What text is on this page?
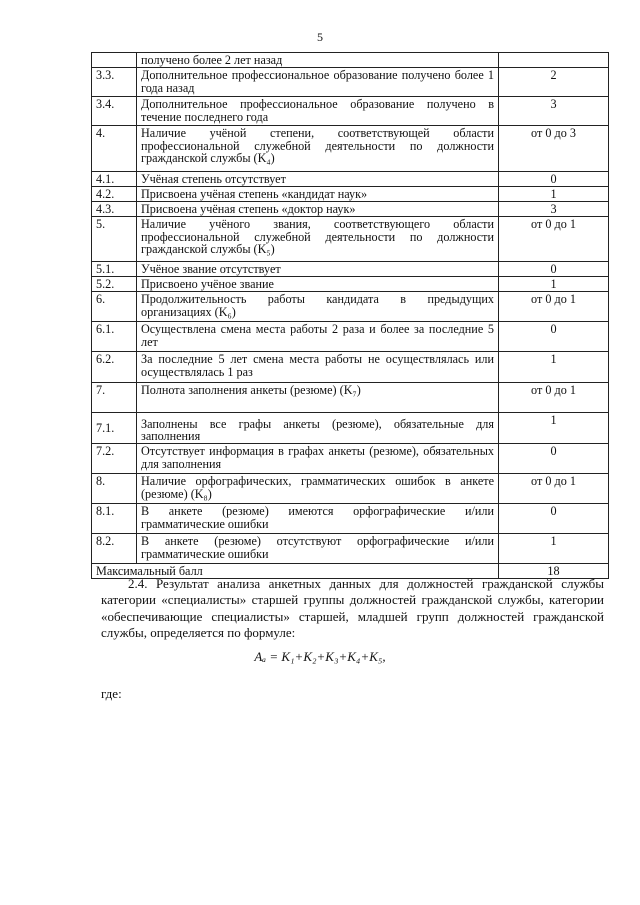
5
	получено более 2 лет назад	
3.3.	Дополнительное профессиональное образование получено более 1 года назад	2
3.4.	Дополнительное профессиональное образование получено в течение последнего года	3
4.	Наличие учёной степени, соответствующей области профессиональной служебной деятельности по должности гражданской службы (K₄)	от 0 до 3
4.1.	Учёная степень отсутствует	0
4.2.	Присвоена учёная степень «кандидат наук»	1
4.3.	Присвоена учёная степень «доктор наук»	3
5.	Наличие учёного звания, соответствующего области профессиональной служебной деятельности по должности гражданской службы (K₅)	от 0 до 1
5.1.	Учёное звание отсутствует	0
5.2.	Присвоено учёное звание	1
6.	Продолжительность работы кандидата в предыдущих организациях (K₆)	от 0 до 1
6.1.	Осуществлена смена места работы 2 раза и более за последние 5 лет	0
6.2.	За последние 5 лет смена места работы не осуществлялась или осуществлялась 1 раз	1
7.	Полнота заполнения анкеты (резюме) (K₇)	от 0 до 1
7.1.	Заполнены все графы анкеты (резюме), обязательные для заполнения	1
7.2.	Отсутствует информация в графах анкеты (резюме), обязательных для заполнения	0
8.	Наличие орфографических, грамматических ошибок в анкете (резюме) (K₈)	от 0 до 1
8.1.	В анкете (резюме) имеются орфографические и/или грамматические ошибки	0
8.2.	В анкете (резюме) отсутствуют орфографические и/или грамматические ошибки	1
Максимальный балл		18
2.4. Результат анализа анкетных данных для должностей гражданской службы категории «специалисты» старшей группы должностей гражданской службы, категории «обеспечивающие специалисты» старшей, младшей групп должностей гражданской службы, определяется по формуле:
Aₐ = K₁+K₂+K₃+K₄+K₅,
где:
